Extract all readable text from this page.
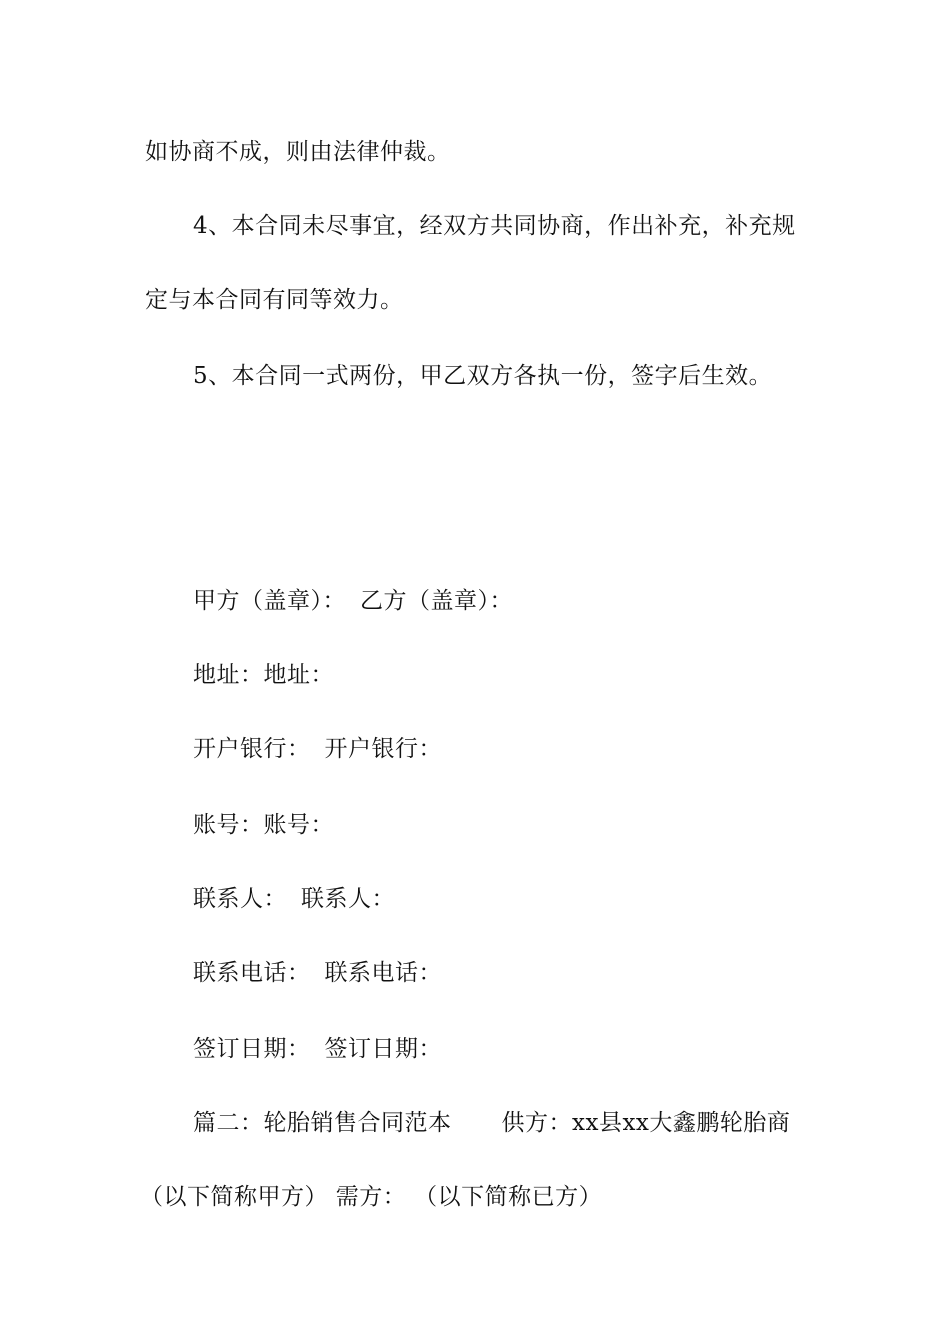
如协商不成，则由法律仲裁。
4、本合同未尽事宜，经双方共同协商，作出补充，补充规
定与本合同有同等效力。
5、本合同一式两份，甲乙双方各执一份，签字后生效。
甲方（盖章）： 乙方（盖章）：
地址：地址：
开户银行： 开户银行：
账号：账号：
联系人： 联系人：
联系电话： 联系电话：
签订日期： 签订日期：
篇二：轮胎销售合同范本 供方：xx县xx大鑫鹏轮胎商
（以下简称甲方） 需方： （以下简称已方）
